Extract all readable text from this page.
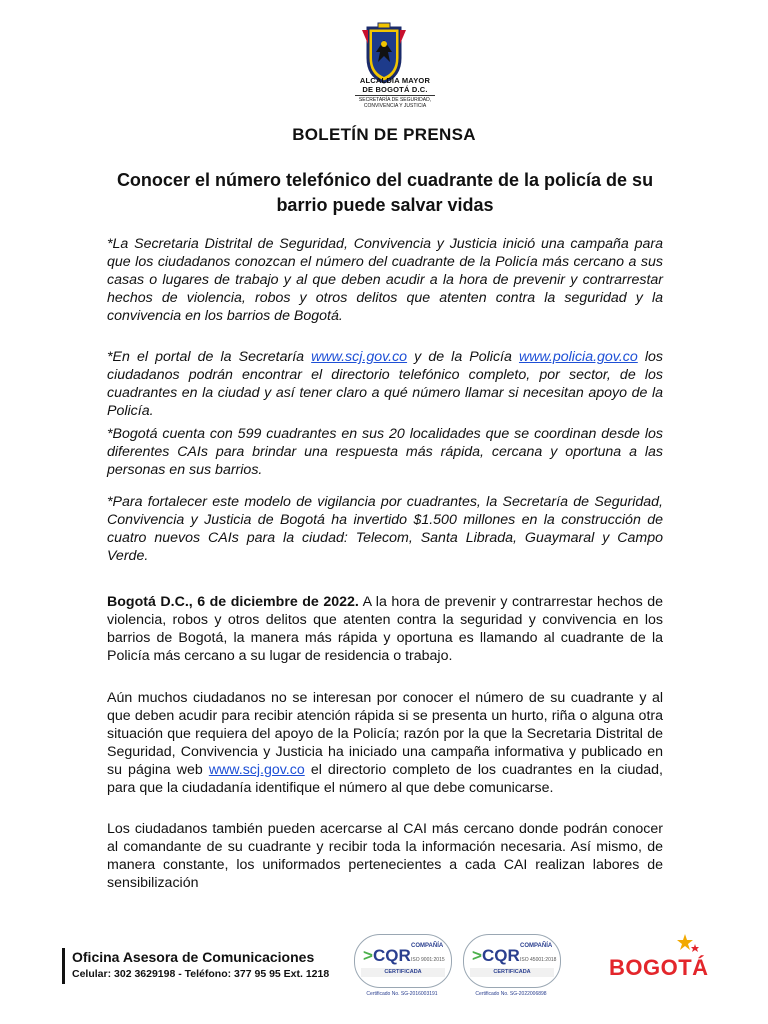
ALCALDÍA MAYOR
DE BOGOTÁ D.C.
SECRETARÍA DE SEGURIDAD,
CONVIVENCIA Y JUSTICIA
BOLETÍN DE PRENSA
Conocer el número telefónico del cuadrante de la policía de su barrio puede salvar vidas

*La Secretaria Distrital de Seguridad, Convivencia y Justicia inició una campaña para que los ciudadanos conozcan el número del cuadrante de la Policía más cercano a sus casas o lugares de trabajo y al que deben acudir a la hora de prevenir y contrarrestar hechos de violencia, robos y otros delitos que atenten contra la seguridad y la convivencia en los barrios de Bogotá.

*En el portal de la Secretaría www.scj.gov.co y de la Policía www.policia.gov.co los ciudadanos podrán encontrar el directorio telefónico completo, por sector, de los cuadrantes en la ciudad y así tener claro a qué número llamar si necesitan apoyo de la Policía.

*Bogotá cuenta con 599 cuadrantes en sus 20 localidades que se coordinan desde los diferentes CAIs para brindar una respuesta más rápida, cercana y oportuna a las personas en sus barrios.

*Para fortalecer este modelo de vigilancia por cuadrantes, la Secretaría de Seguridad, Convivencia y Justicia de Bogotá ha invertido $1.500 millones en la construcción de cuatro nuevos CAIs para la ciudad: Telecom, Santa Librada, Guaymaral y Campo Verde.

Bogotá D.C., 6 de diciembre de 2022. A la hora de prevenir y contrarrestar hechos de violencia, robos y otros delitos que atenten contra la seguridad y convivencia en los barrios de Bogotá, la manera más rápida y oportuna es llamando al cuadrante de la Policía más cercano a su lugar de residencia o trabajo.

Aún muchos ciudadanos no se interesan por conocer el número de su cuadrante y al que deben acudir para recibir atención rápida si se presenta un hurto, riña o alguna otra situación que requiera del apoyo de la Policía; razón por la que la Secretaria Distrital de Seguridad, Convivencia y Justicia ha iniciado una campaña informativa y publicado en su página web www.scj.gov.co el directorio completo de los cuadrantes en la ciudad, para que la ciudadanía identifique el número al que debe comunicarse.

Los ciudadanos también pueden acercarse al CAI más cercano donde podrán conocer al comandante de su cuadrante y recibir toda la información necesaria. Así mismo, de manera constante, los uniformados pertenecientes a cada CAI realizan labores de sensibilización

Oficina Asesora de Comunicaciones
Celular: 302 3629198 - Teléfono: 377 95 95 Ext. 1218
>CQR COMPAÑÍA
ISO 9001:2015
CERTIFICADA
Certificado No. SG-2016003191
>CQR COMPAÑÍA
ISO 45001:2018
CERTIFICADA
Certificado No. SG-2022006898
BOGOTÁ
